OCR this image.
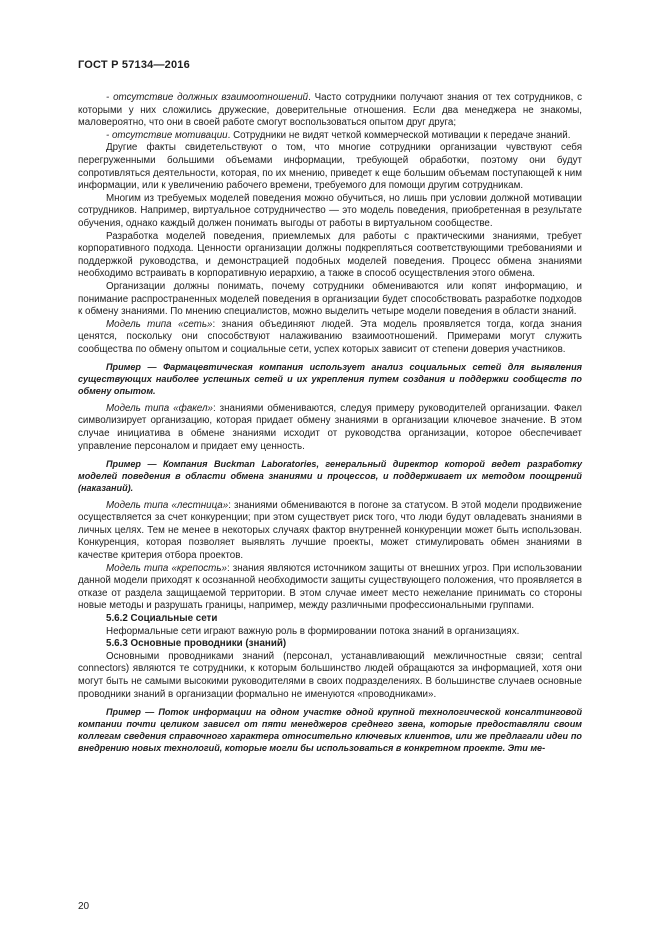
ГОСТ Р 57134—2016

- отсутствие должных взаимоотношений. Часто сотрудники получают знания от тех сотрудников, с которыми у них сложились дружеские, доверительные отношения. Если два менеджера не знакомы, маловероятно, что они в своей работе смогут воспользоваться опытом друг друга;

- отсутствие мотивации. Сотрудники не видят четкой коммерческой мотивации к передаче знаний.

Другие факты свидетельствуют о том, что многие сотрудники организации чувствуют себя перегруженными большими объемами информации, требующей обработки, поэтому они будут сопротивляться деятельности, которая, по их мнению, приведет к еще большим объемам поступающей к ним информации, или к увеличению рабочего времени, требуемого для помощи другим сотрудникам.

Многим из требуемых моделей поведения можно обучиться, но лишь при условии должной мотивации сотрудников. Например, виртуальное сотрудничество — это модель поведения, приобретенная в результате обучения, однако каждый должен понимать выгоды от работы в виртуальном сообществе.

Разработка моделей поведения, приемлемых для работы с практическими знаниями, требует корпоративного подхода. Ценности организации должны подкрепляться соответствующими требованиями и поддержкой руководства, и демонстрацией подобных моделей поведения. Процесс обмена знаниями необходимо встраивать в корпоративную иерархию, а также в способ осуществления этого обмена.

Организации должны понимать, почему сотрудники обмениваются или копят информацию, и понимание распространенных моделей поведения в организации будет способствовать разработке подходов к обмену знаниями. По мнению специалистов, можно выделить четыре модели поведения в области знаний.

Модель типа «сеть»: знания объединяют людей. Эта модель проявляется тогда, когда знания ценятся, поскольку они способствуют налаживанию взаимоотношений. Примерами могут служить сообщества по обмену опытом и социальные сети, успех которых зависит от степени доверия участников.

Пример — Фармацевтическая компания использует анализ социальных сетей для выявления существующих наиболее успешных сетей и их укрепления путем создания и поддержки сообществ по обмену опытом.

Модель типа «факел»: знаниями обмениваются, следуя примеру руководителей организации. Факел символизирует организацию, которая придает обмену знаниями в организации ключевое значение. В этом случае инициатива в обмене знаниями исходит от руководства организации, которое обеспечивает управление персоналом и придает ему ценность.

Пример — Компания Buckman Laboratories, генеральный директор которой ведет разработку моделей поведения в области обмена знаниями и процессов, и поддерживает их методом поощрений (наказаний).

Модель типа «лестница»: знаниями обмениваются в погоне за статусом. В этой модели продвижение осуществляется за счет конкуренции; при этом существует риск того, что люди будут овладевать знаниями в личных целях. Тем не менее в некоторых случаях фактор внутренней конкуренции может быть использован. Конкуренция, которая позволяет выявлять лучшие проекты, может стимулировать обмен знаниями в качестве критерия отбора проектов.

Модель типа «крепость»: знания являются источником защиты от внешних угроз. При использовании данной модели приходят к осознанной необходимости защиты существующего положения, что проявляется в отказе от раздела защищаемой территории. В этом случае имеет место нежелание принимать со стороны новые методы и разрушать границы, например, между различными профессиональными группами.

5.6.2 Социальные сети

Неформальные сети играют важную роль в формировании потока знаний в организациях.

5.6.3 Основные проводники (знаний)

Основными проводниками знаний (персонал, устанавливающий межличностные связи; central connectors) являются те сотрудники, к которым большинство людей обращаются за информацией, хотя они могут быть не самыми высокими руководителями в своих подразделениях. В большинстве случаев основные проводники знаний в организации формально не именуются «проводниками».

Пример — Поток информации на одном участке одной крупной технологической консалтинговой компании почти целиком зависел от пяти менеджеров среднего звена, которые предоставляли своим коллегам сведения справочного характера относительно ключевых клиентов, или же предлагали идеи по внедрению новых технологий, которые могли бы использоваться в конкретном проекте. Эти ме-

20
